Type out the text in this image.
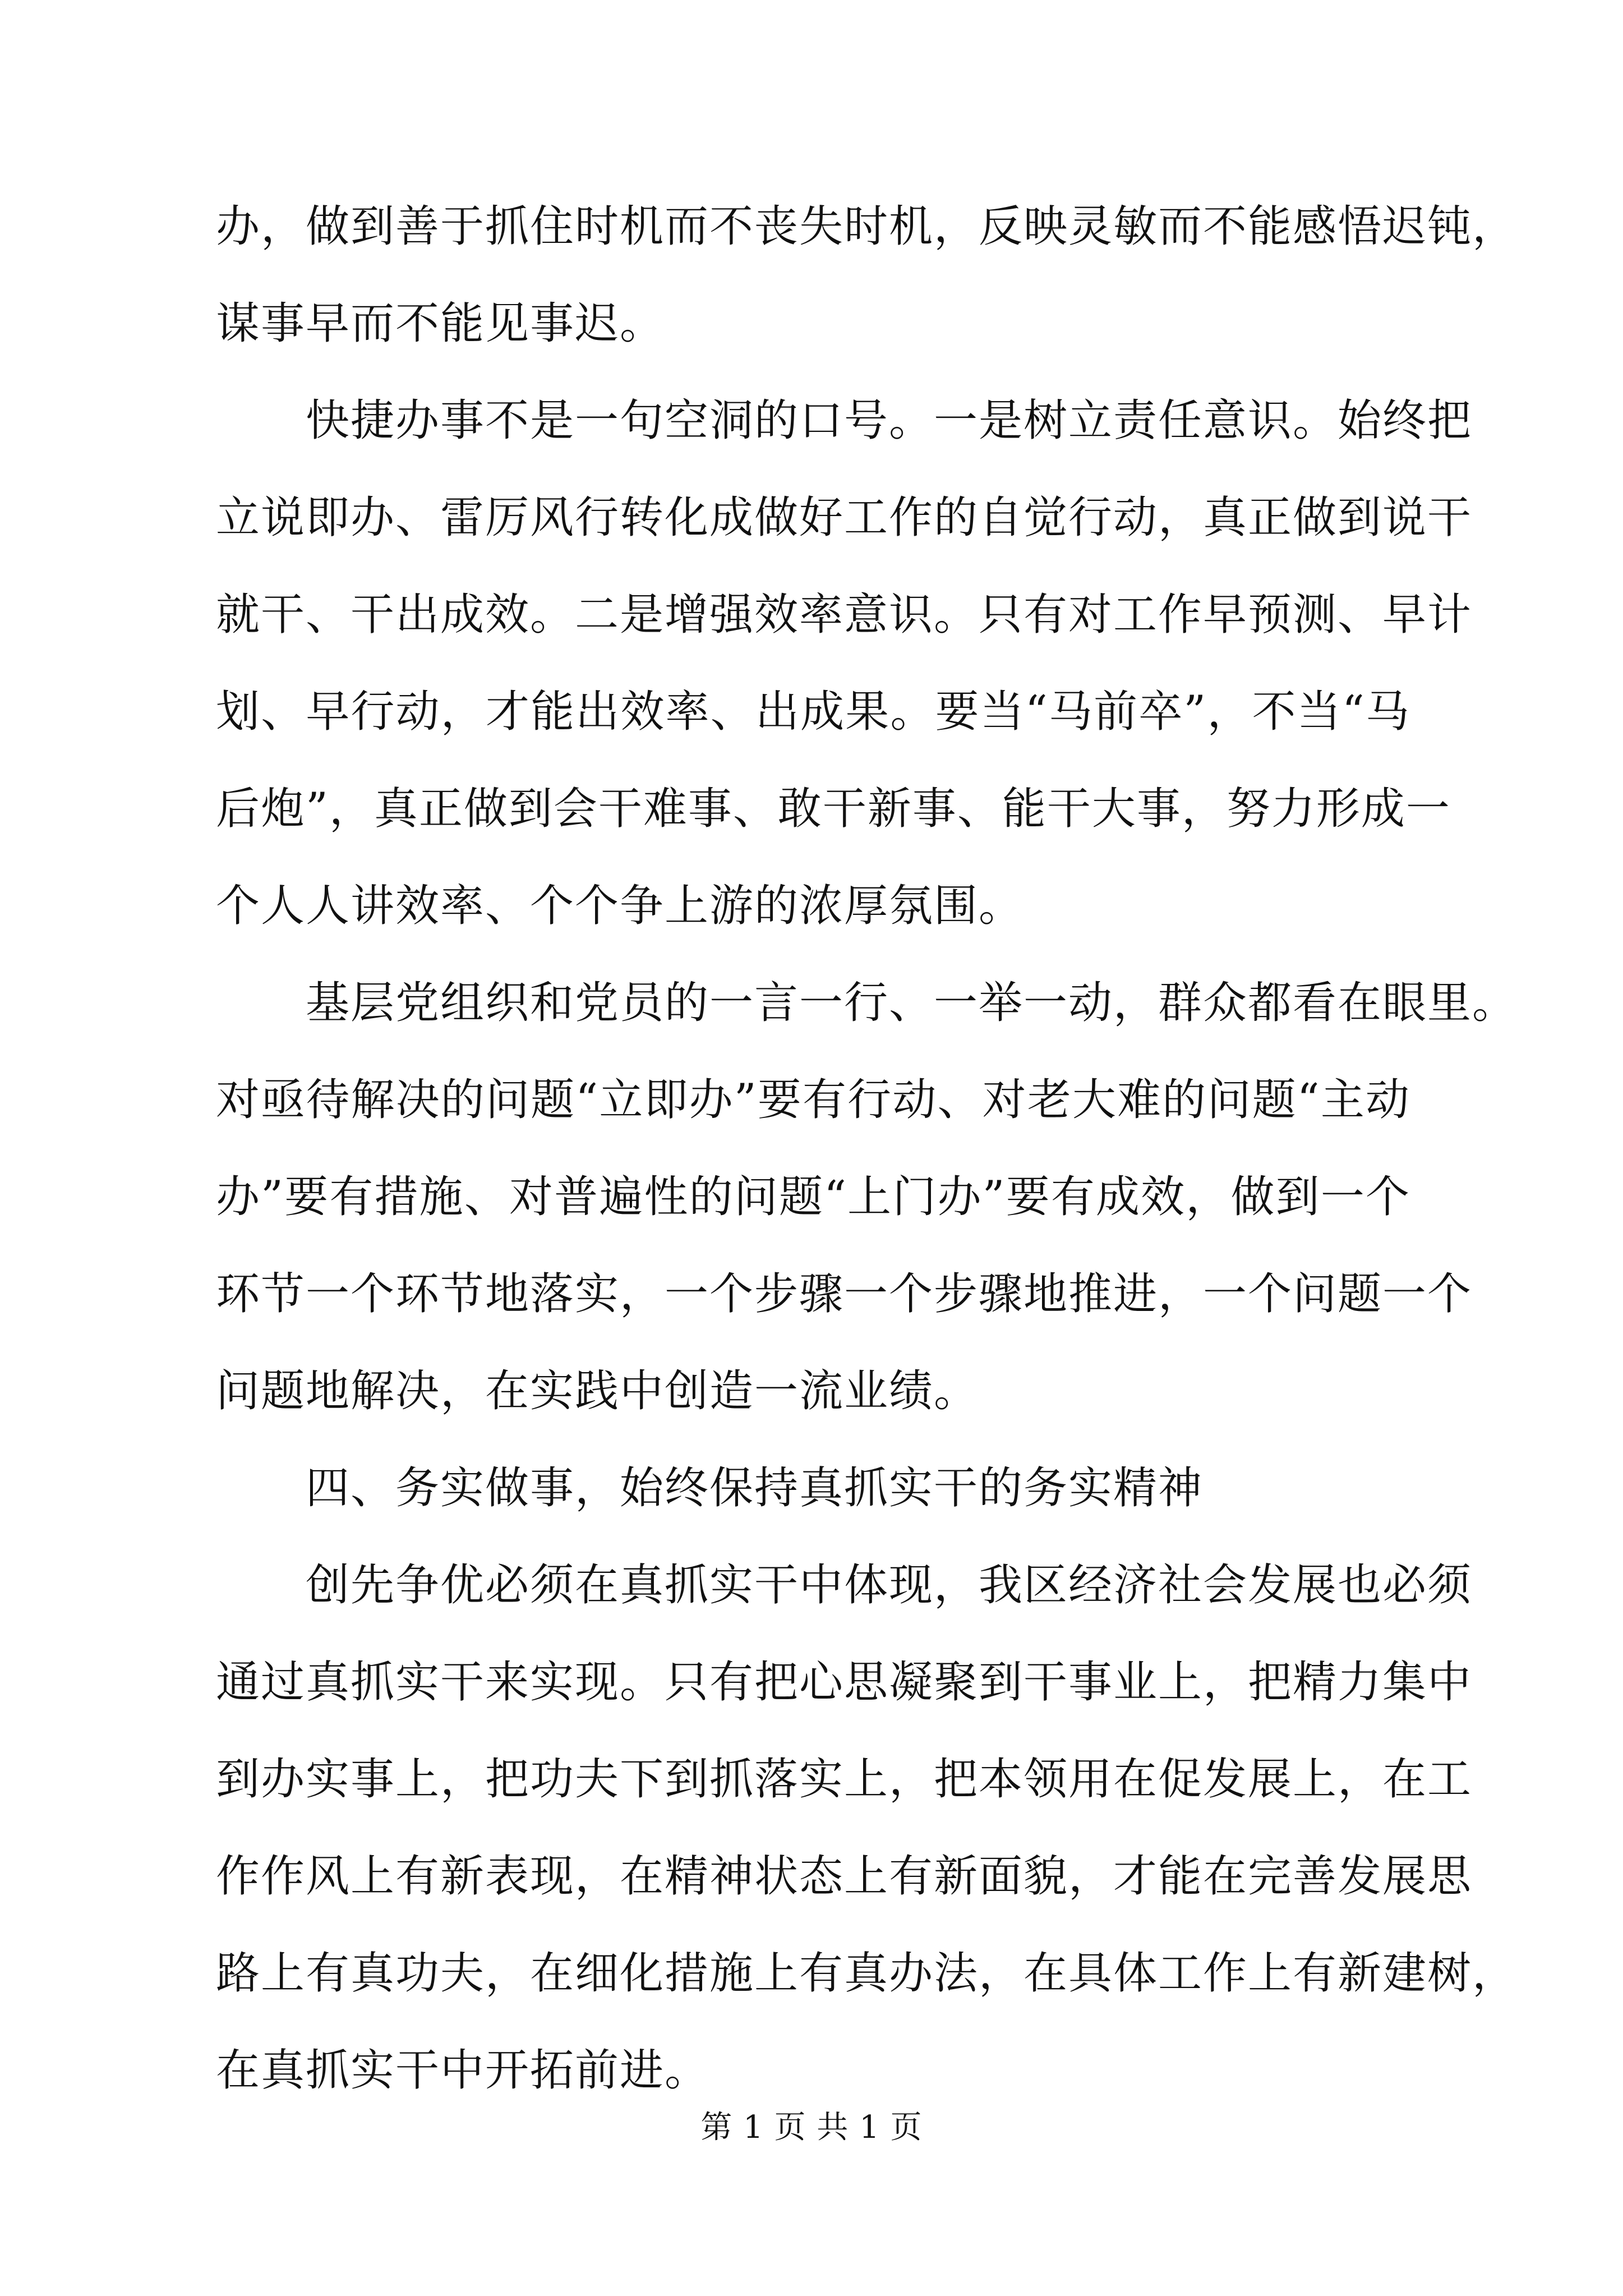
办，做到善于抓住时机而不丧失时机，反映灵敏而不能感悟迟钝，
谋事早而不能见事迟。
快捷办事不是一句空洞的口号。一是树立责任意识。始终把
立说即办、雷厉风行转化成做好工作的自觉行动，真正做到说干
就干、干出成效。二是增强效率意识。只有对工作早预测、早计
划、早行动，才能出效率、出成果。要当“马前卒”，不当“马
后炮”，真正做到会干难事、敢干新事、能干大事，努力形成一
个人人讲效率、个个争上游的浓厚氛围。
基层党组织和党员的一言一行、一举一动，群众都看在眼里。
对亟待解决的问题“立即办”要有行动、对老大难的问题“主动
办”要有措施、对普遍性的问题“上门办”要有成效，做到一个
环节一个环节地落实，一个步骤一个步骤地推进，一个问题一个
问题地解决，在实践中创造一流业绩。
四、务实做事，始终保持真抓实干的务实精神
创先争优必须在真抓实干中体现，我区经济社会发展也必须
通过真抓实干来实现。只有把心思凝聚到干事业上，把精力集中
到办实事上，把功夫下到抓落实上，把本领用在促发展上，在工
作作风上有新表现，在精神状态上有新面貌，才能在完善发展思
路上有真功夫，在细化措施上有真办法，在具体工作上有新建树，
在真抓实干中开拓前进。
第 1 页 共 1 页
